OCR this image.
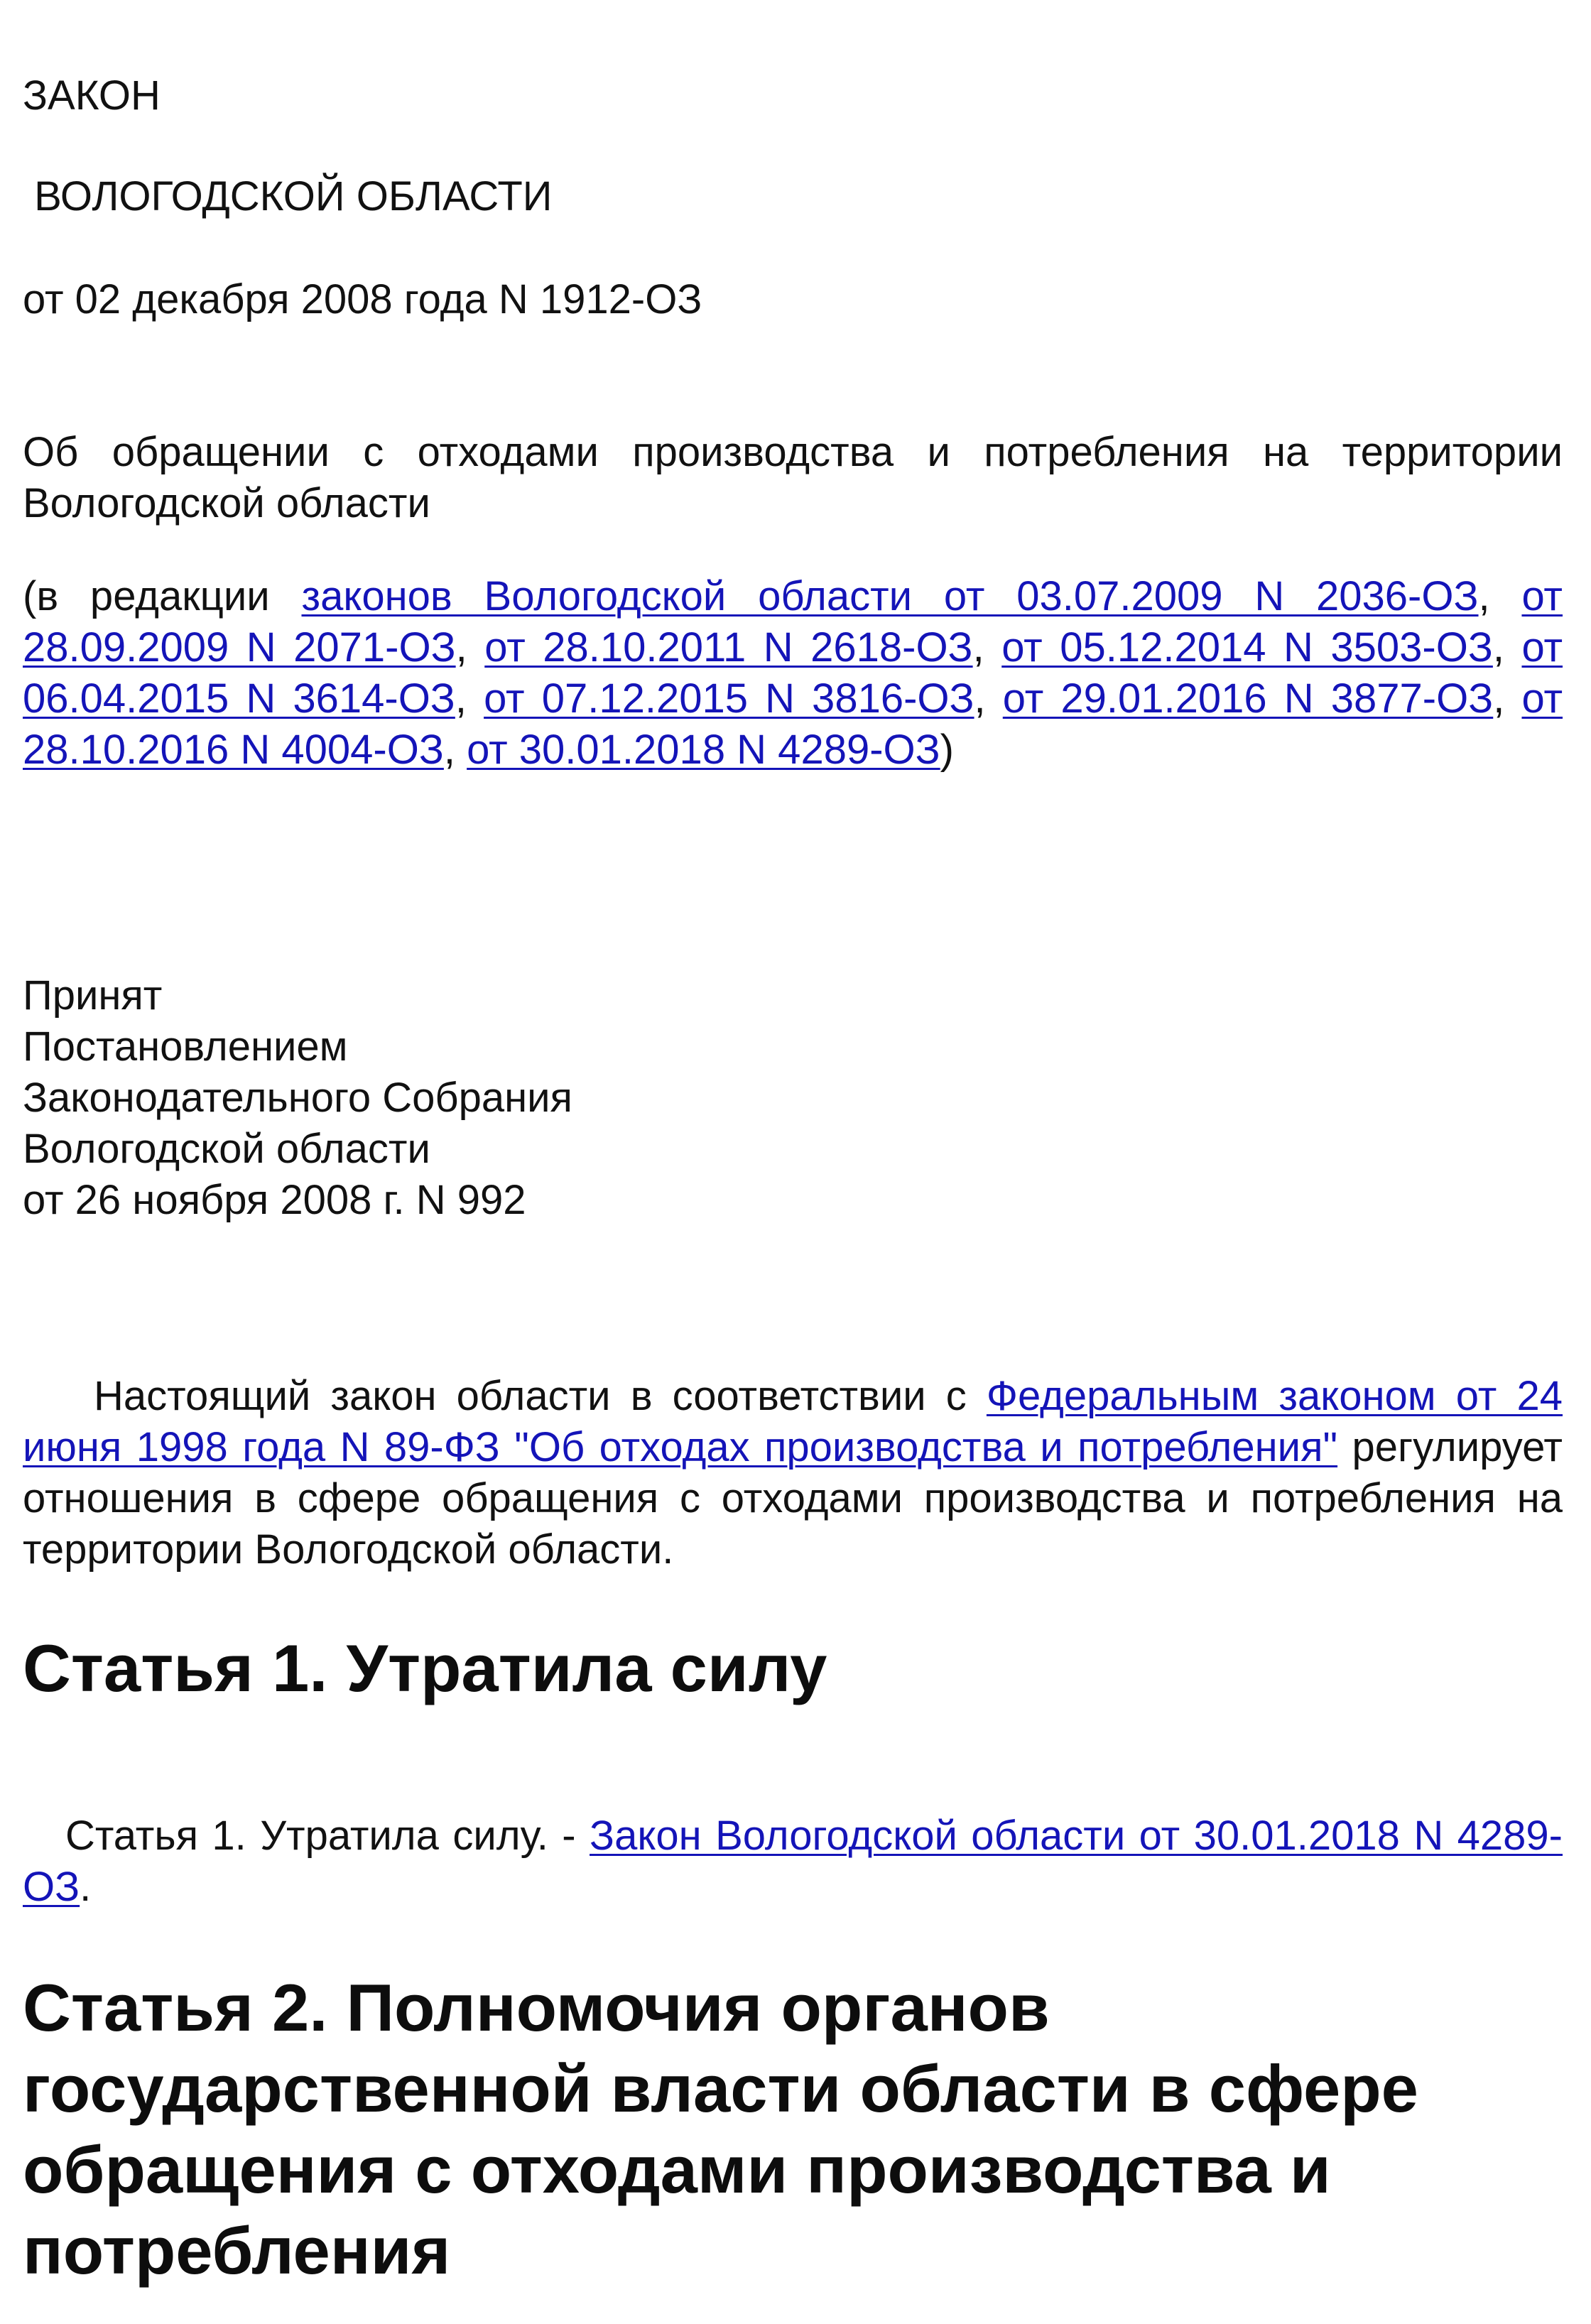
ЗАКОН

ВОЛОГОДСКОЙ ОБЛАСТИ

от 02 декабря 2008 года N 1912-ОЗ

Об обращении с отходами производства и потребления на территории Вологодской области

(в редакции законов Вологодской области от 03.07.2009 N 2036-ОЗ, от 28.09.2009 N 2071-ОЗ, от 28.10.2011 N 2618-ОЗ, от 05.12.2014 N 3503-ОЗ, от 06.04.2015 N 3614-ОЗ, от 07.12.2015 N 3816-ОЗ, от 29.01.2016 N 3877-ОЗ, от 28.10.2016 N 4004-ОЗ, от 30.01.2018 N 4289-ОЗ)

Принят

Постановлением

Законодательного Собрания

Вологодской области

от 26 ноября 2008 г. N 992

Настоящий закон области в соответствии с Федеральным законом от 24 июня 1998 года N 89-ФЗ "Об отходах производства и потребления" регулирует отношения в сфере обращения с отходами производства и потребления на территории Вологодской области.

Статья 1. Утратила силу

Статья 1. Утратила силу. - Закон Вологодской области от 30.01.2018 N 4289-ОЗ.

Статья 2. Полномочия органов государственной власти области в сфере обращения с отходами производства и потребления
